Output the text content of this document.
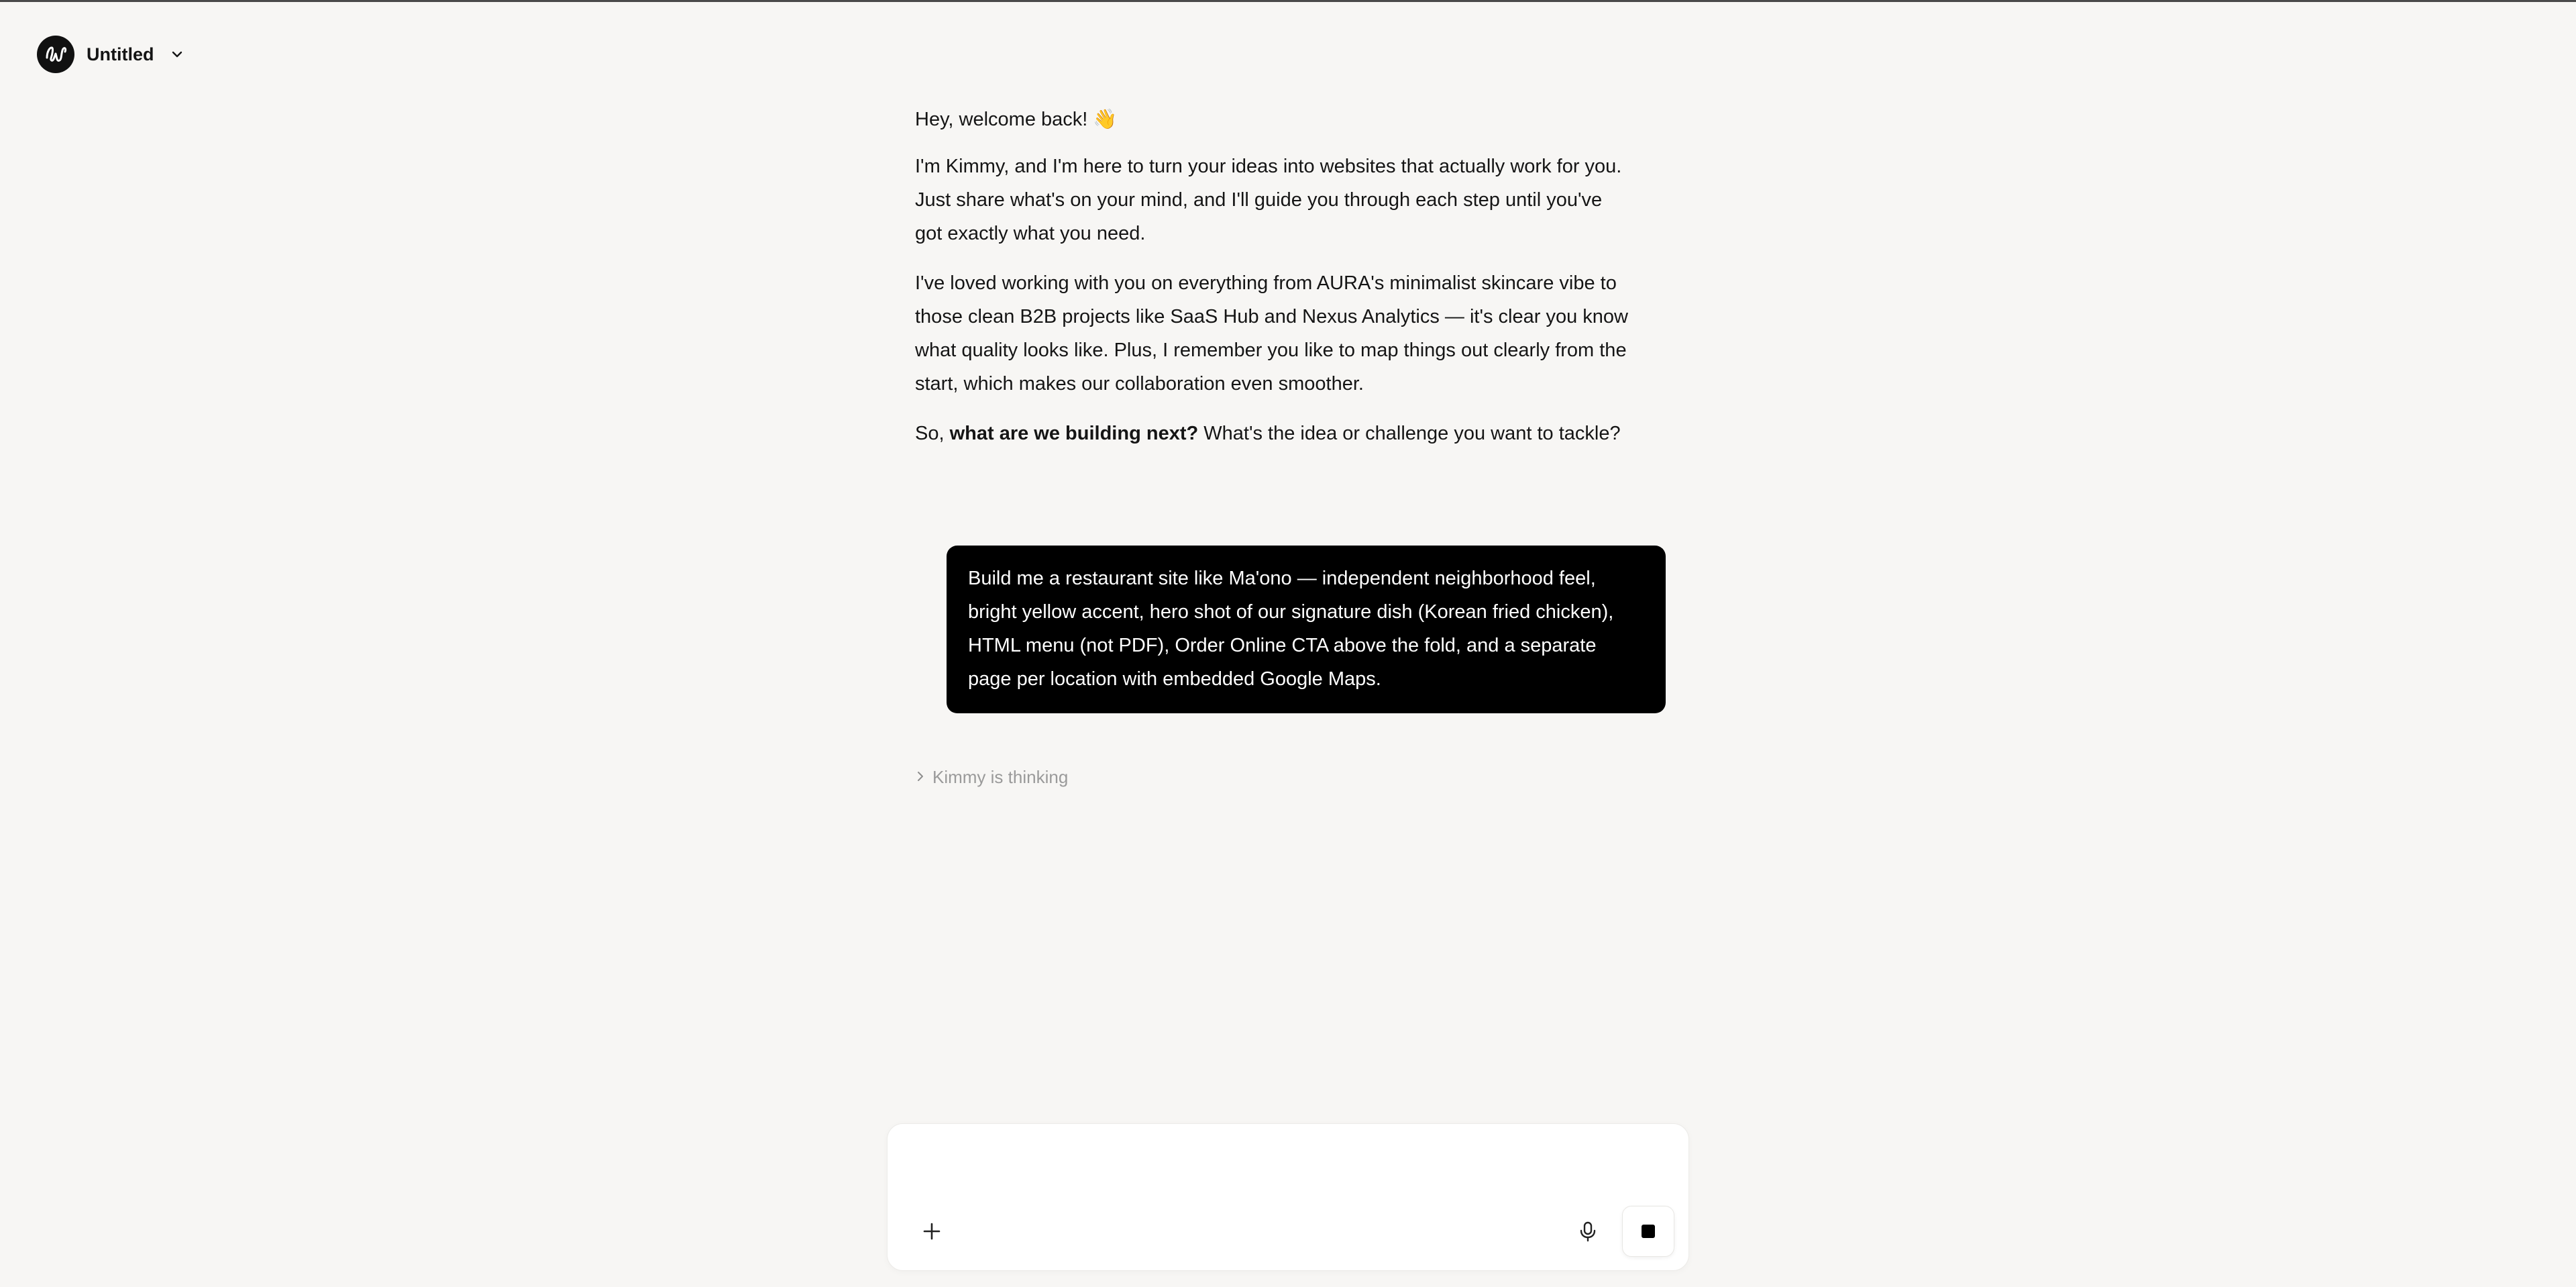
Untitled

Hey, welcome back! 👋

I'm Kimmy, and I'm here to turn your ideas into websites that actually work for you. Just share what's on your mind, and I'll guide you through each step until you've got exactly what you need.

I've loved working with you on everything from AURA's minimalist skincare vibe to those clean B2B projects like SaaS Hub and Nexus Analytics — it's clear you know what quality looks like. Plus, I remember you like to map things out clearly from the start, which makes our collaboration even smoother.

So, what are we building next? What's the idea or challenge you want to tackle?

Build me a restaurant site like Ma'ono — independent neighborhood feel, bright yellow accent, hero shot of our signature dish (Korean fried chicken), HTML menu (not PDF), Order Online CTA above the fold, and a separate page per location with embedded Google Maps.
Kimmy is thinking
